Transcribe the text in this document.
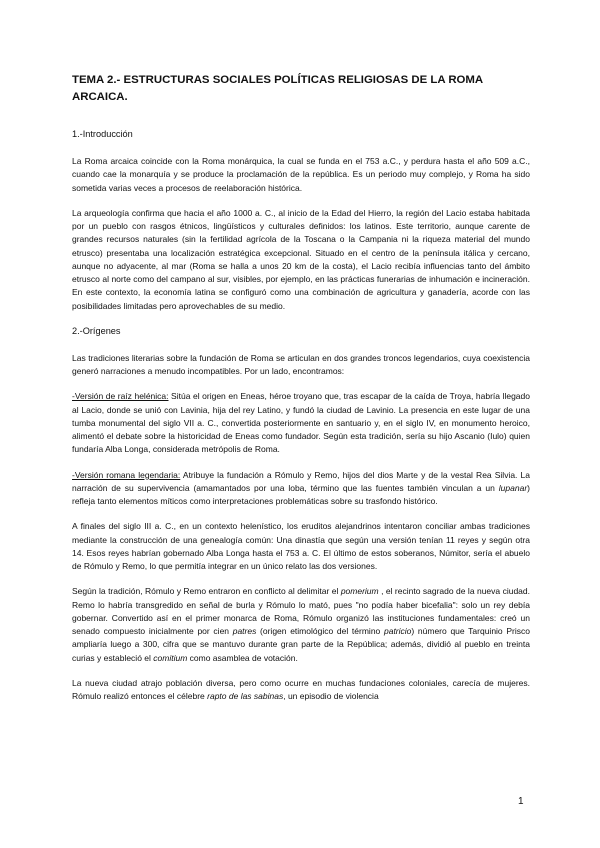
TEMA 2.- ESTRUCTURAS SOCIALES POLÍTICAS RELIGIOSAS DE LA ROMA ARCAICA.

1.-Introducción

La Roma arcaica coincide con la Roma monárquica, la cual se funda en el 753 a.C., y perdura hasta el año 509 a.C., cuando cae la monarquía y se produce la proclamación de la república. Es un periodo muy complejo, y Roma ha sido sometida varias veces a procesos de reelaboración histórica.

La arqueología confirma que hacia el año 1000 a. C., al inicio de la Edad del Hierro, la región del Lacio estaba habitada por un pueblo con rasgos étnicos, lingüísticos y culturales definidos: los latinos. Este territorio, aunque carente de grandes recursos naturales (sin la fertilidad agrícola de la Toscana o la Campania ni la riqueza material del mundo etrusco) presentaba una localización estratégica excepcional. Situado en el centro de la península itálica y cercano, aunque no adyacente, al mar (Roma se halla a unos 20 km de la costa), el Lacio recibía influencias tanto del ámbito etrusco al norte como del campano al sur, visibles, por ejemplo, en las prácticas funerarias de inhumación e incineración. En este contexto, la economía latina se configuró como una combinación de agricultura y ganadería, acorde con las posibilidades limitadas pero aprovechables de su medio.

2.-Orígenes

Las tradiciones literarias sobre la fundación de Roma se articulan en dos grandes troncos legendarios, cuya coexistencia generó narraciones a menudo incompatibles. Por un lado, encontramos:

-Versión de raíz helénica: Sitúa el origen en Eneas, héroe troyano que, tras escapar de la caída de Troya, habría llegado al Lacio, donde se unió con Lavinia, hija del rey Latino, y fundó la ciudad de Lavinio. La presencia en este lugar de una tumba monumental del siglo VII a. C., convertida posteriormente en santuario y, en el siglo IV, en monumento heroico, alimentó el debate sobre la historicidad de Eneas como fundador. Según esta tradición, sería su hijo Ascanio (Iulo) quien fundaría Alba Longa, considerada metrópolis de Roma.

-Versión romana legendaria: Atribuye la fundación a Rómulo y Remo, hijos del dios Marte y de la vestal Rea Silvia. La narración de su supervivencia (amamantados por una loba, término que las fuentes también vinculan a un lupanar) refleja tanto elementos míticos como interpretaciones problemáticas sobre su trasfondo histórico.

A finales del siglo III a. C., en un contexto helenístico, los eruditos alejandrinos intentaron conciliar ambas tradiciones mediante la construcción de una genealogía común: Una dinastía que según una versión tenían 11 reyes y según otra 14. Esos reyes habrían gobernado Alba Longa hasta el 753 a. C. El último de estos soberanos, Númitor, sería el abuelo de Rómulo y Remo, lo que permitía integrar en un único relato las dos versiones.

Según la tradición, Rómulo y Remo entraron en conflicto al delimitar el pomerium , el recinto sagrado de la nueva ciudad. Remo lo habría transgredido en señal de burla y Rómulo lo mató, pues "no podía haber bicefalia": solo un rey debía gobernar. Convertido así en el primer monarca de Roma, Rómulo organizó las instituciones fundamentales: creó un senado compuesto inicialmente por cien patres (origen etimológico del término patricio) número que Tarquinio Prisco ampliaría luego a 300, cifra que se mantuvo durante gran parte de la República; además, dividió al pueblo en treinta curias y estableció el comitium como asamblea de votación.

La nueva ciudad atrajo población diversa, pero como ocurre en muchas fundaciones coloniales, carecía de mujeres. Rómulo realizó entonces el célebre rapto de las sabinas, un episodio de violencia

1
